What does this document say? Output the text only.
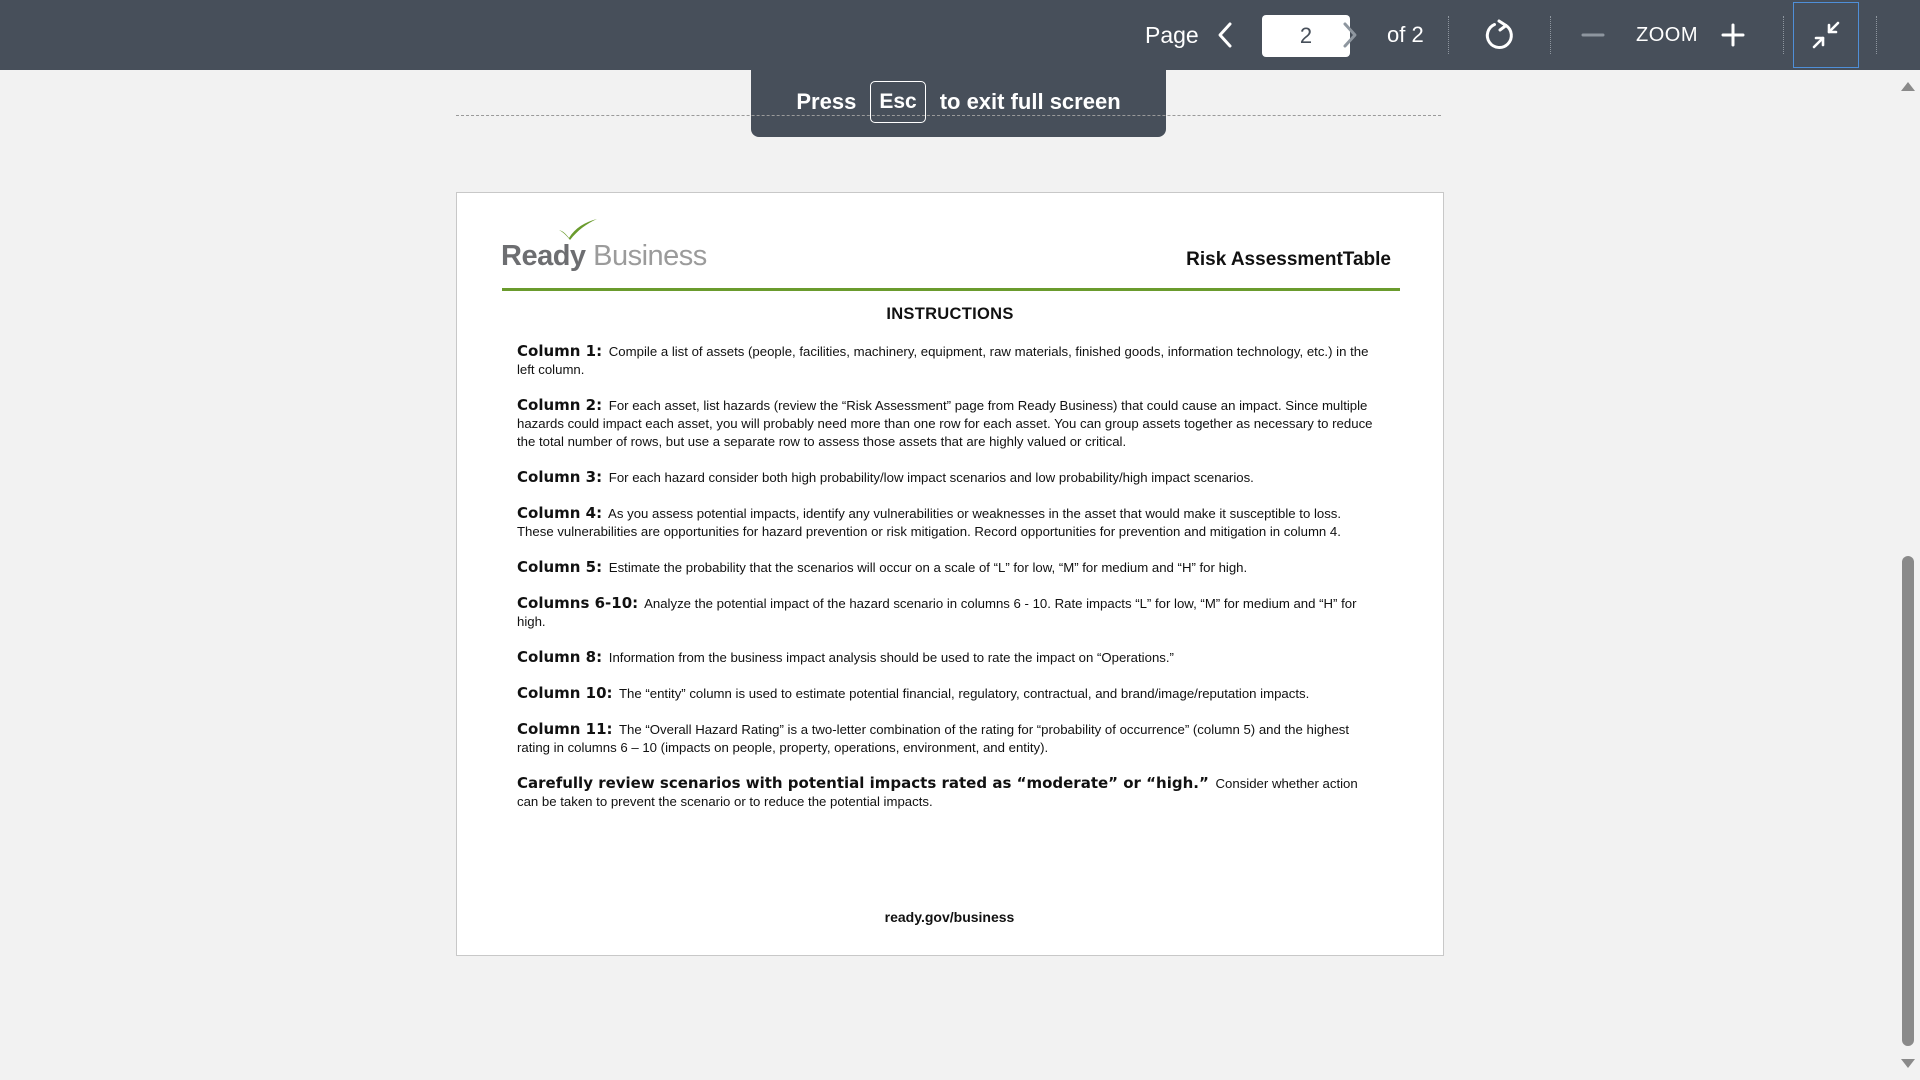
Page
2	of 2	ZOOM
Press	Esc	to exit full screen
Ready Business	Risk AssessmentTable
INSTRUCTIONS

Column 1: Compile a list of assets (people, facilities, machinery, equipment, raw materials, finished goods, information technology, etc.) in the left column.

Column 2: For each asset, list hazards (review the “Risk Assessment” page from Ready Business) that could cause an impact. Since multiple hazards could impact each asset, you will probably need more than one row for each asset. You can group assets together as necessary to reduce the total number of rows, but use a separate row to assess those assets that are highly valued or critical.

Column 3: For each hazard consider both high probability/low impact scenarios and low probability/high impact scenarios.

Column 4: As you assess potential impacts, identify any vulnerabilities or weaknesses in the asset that would make it susceptible to loss. These vulnerabilities are opportunities for hazard prevention or risk mitigation. Record opportunities for prevention and mitigation in column 4.

Column 5: Estimate the probability that the scenarios will occur on a scale of “L” for low, “M” for medium and “H” for high.

Columns 6-10: Analyze the potential impact of the hazard scenario in columns 6 - 10. Rate impacts “L” for low, “M” for medium and “H” for high.

Column 8: Information from the business impact analysis should be used to rate the impact on “Operations.”

Column 10: The “entity” column is used to estimate potential financial, regulatory, contractual, and brand/image/reputation impacts.

Column 11: The “Overall Hazard Rating” is a two-letter combination of the rating for “probability of occurrence” (column 5) and the highest rating in columns 6 – 10 (impacts on people, property, operations, environment, and entity).

Carefully review scenarios with potential impacts rated as “moderate” or “high.” Consider whether action can be taken to prevent the scenario or to reduce the potential impacts.

ready.gov/business
